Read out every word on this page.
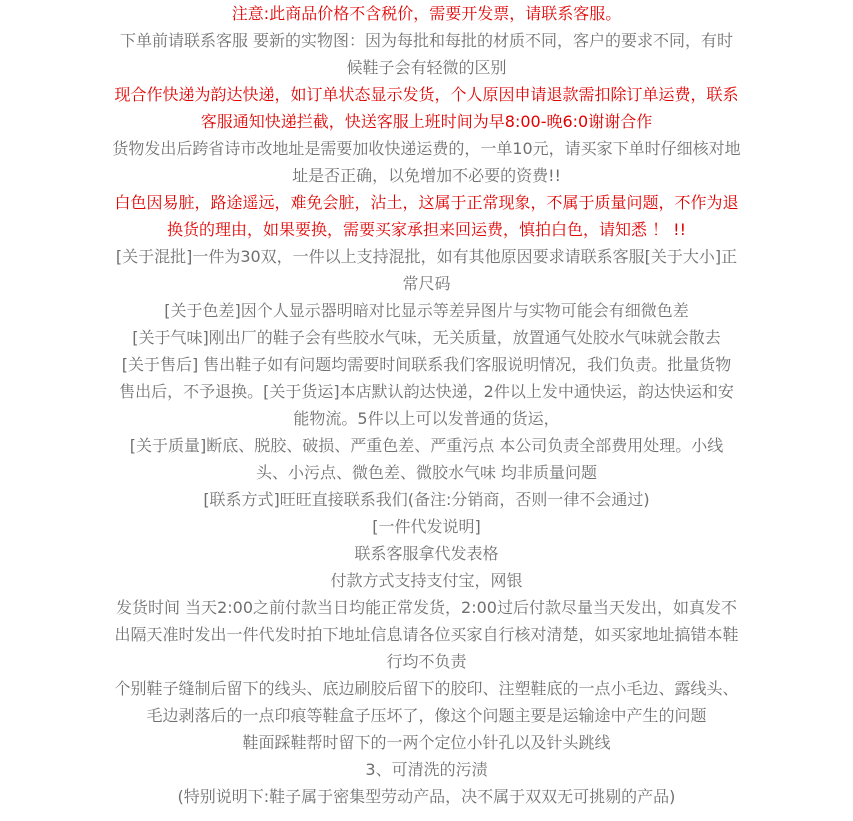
注意:此商品价格不含税价，需要开发票，请联系客服。
下单前请联系客服 要新的实物图：因为每批和每批的材质不同，客户的要求不同，有时
候鞋子会有轻微的区别
现合作快递为韵达快递，如订单状态显示发货，个人原因申请退款需扣除订单运费，联系
客服通知快递拦截，快送客服上班时间为早8:00-晚6:0谢谢合作
货物发出后跨省诗市改地址是需要加收快递运费的，一单10元，请买家下单时仔细核对地
址是否正确，以免增加不必要的资费!!
白色因易脏，路途遥远，难免会脏，沾土，这属于正常现象，不属于质量问题，不作为退
换货的理由，如果要换，需要买家承担来回运费，慎拍白色，请知悉 ！ !!
[关于混批]一件为30双，一件以上支持混批，如有其他原因要求请联系客服[关于大小]正
常尺码
[关于色差]因个人显示器明暗对比显示等差异图片与实物可能会有细微色差
[关于气味]刚出厂的鞋子会有些胶水气味，无关质量，放置通气处胶水气味就会散去
[关于售后] 售出鞋子如有问题均需要时间联系我们客服说明情况，我们负责。批量货物
售出后，不予退换。[关于货运]本店默认韵达快递，2件以上发中通快运，韵达快运和安
能物流。5件以上可以发普通的货运，
[关于质量]断底、脱胶、破损、严重色差、严重污点 本公司负责全部费用处理。小线
头、小污点、微色差、微胶水气味 均非质量问题
[联系方式]旺旺直接联系我们(备注:分销商，否则一律不会通过)
[一件代发说明]
联系客服拿代发表格
付款方式支持支付宝，网银
发货时间 当天2:00之前付款当日均能正常发货，2:00过后付款尽量当天发出，如真发不
出隔天准时发出一件代发时拍下地址信息请各位买家自行核对清楚，如买家地址搞错本鞋
行均不负责
个别鞋子缝制后留下的线头、底边刷胶后留下的胶印、注塑鞋底的一点小毛边、露线头、
毛边剥落后的一点印痕等鞋盒子压坏了，像这个问题主要是运输途中产生的问题
鞋面踩鞋帮时留下的一两个定位小针孔以及针头跳线
3、可清洗的污渍
(特别说明下:鞋子属于密集型劳动产品，决不属于双双无可挑剔的产品)
